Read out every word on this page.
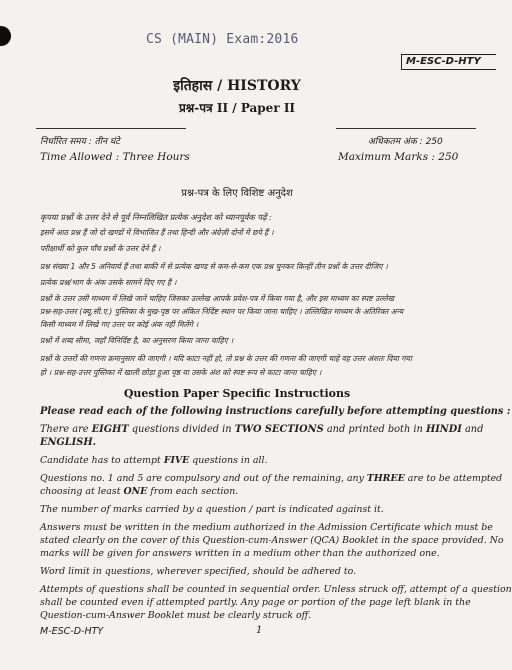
CS (MAIN) Exam:2016
M-ESC-D-HTY
इतिहास / HISTORY
प्रश्न-पत्र II / Paper II
निर्धारित समय : तीन घंटे
Time Allowed : Three Hours
अधिकतम अंक : 250
Maximum Marks : 250
प्रश्न-पत्र के लिए विशिष्ट अनुदेश
कृपया प्रश्नों के उत्तर देने से पूर्व निम्नलिखित प्रत्येक अनुदेश को ध्यानपूर्वक पढ़ें :
इसमें आठ प्रश्न हैं जो दो खण्डों में विभाजित हैं तथा हिन्दी और अंग्रेज़ी दोनों में छपे हैं ।
परीक्षार्थी को कुल पाँच प्रश्नों के उत्तर देने हैं ।
प्रश्न संख्या 1 और 5 अनिवार्य हैं तथा बाकी में से प्रत्येक खण्ड से कम-से-कम एक प्रश्न चुनकर किन्हीं तीन प्रश्नों के उत्तर दीजिए ।
प्रत्येक प्रश्न/भाग के अंक उसके सामने दिए गए हैं ।
प्रश्नों के उत्तर उसी माध्यम में लिखे जाने चाहिए जिसका उल्लेख आपके प्रवेश-पत्र में किया गया है, और इस माध्यम का स्पष्ट उल्लेख
प्रश्न-सह-उत्तर (क्यू.सी.ए.) पुस्तिका के मुख-पृष्ठ पर अंकित निर्दिष्ट स्थान पर किया जाना चाहिए । उल्लिखित माध्यम के अतिरिक्त अन्य
किसी माध्यम में लिखे गए उत्तर पर कोई अंक नहीं मिलेंगे ।
प्रश्नों में शब्द सीमा, जहाँ विनिर्दिष्ट है, का अनुसरण किया जाना चाहिए ।
प्रश्नों के उत्तरों की गणना क्रमानुसार की जाएगी । यदि काटा नहीं हो, तो प्रश्न के उत्तर की गणना की जाएगी चाहे वह उत्तर अंशतः दिया गया
हो । प्रश्न-सह-उत्तर पुस्तिका में खाली छोड़ा हुआ पृष्ठ या उसके अंश को स्पष्ट रूप से काटा जाना चाहिए ।
Question Paper Specific Instructions
Please read each of the following instructions carefully before attempting questions :
There are EIGHT questions divided in TWO SECTIONS and printed both in HINDI and
ENGLISH.
Candidate has to attempt FIVE questions in all.
Questions no. 1 and 5 are compulsory and out of the remaining, any THREE are to be attempted
choosing at least ONE from each section.
The number of marks carried by a question / part is indicated against it.
Answers must be written in the medium authorized in the Admission Certificate which must be
stated clearly on the cover of this Question-cum-Answer (QCA) Booklet in the space provided. No
marks will be given for answers written in a medium other than the authorized one.
Word limit in questions, wherever specified, should be adhered to.
Attempts of questions shall be counted in sequential order. Unless struck off, attempt of a question
shall be counted even if attempted partly. Any page or portion of the page left blank in the
Question-cum-Answer Booklet must be clearly struck off.
M-ESC-D-HTY	1
